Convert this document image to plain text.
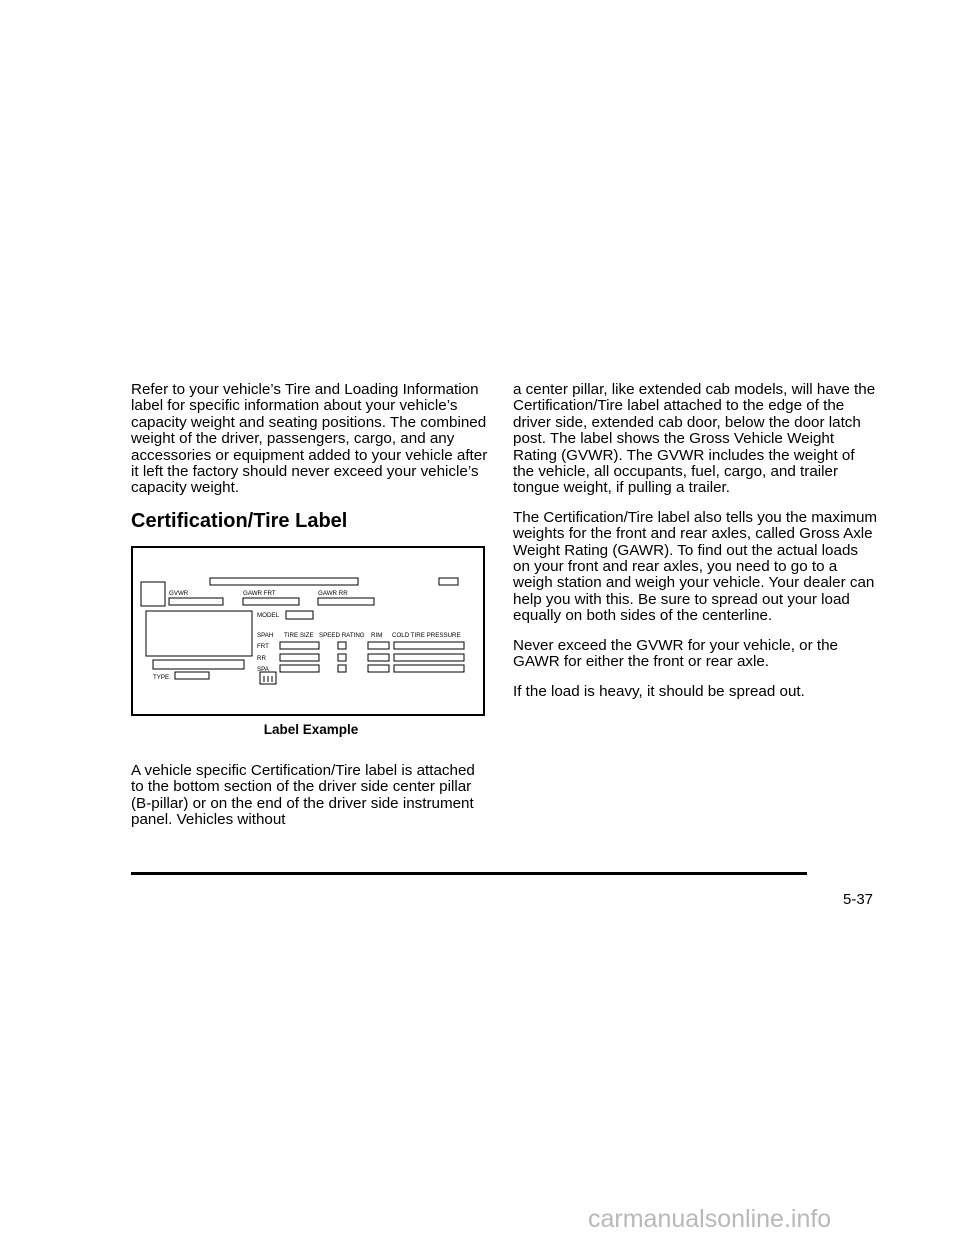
Refer to your vehicle’s Tire and Loading Information label for specific information about your vehicle’s capacity weight and seating positions. The combined weight of the driver, passengers, cargo, and any accessories or equipment added to your vehicle after it left the factory should never exceed your vehicle’s capacity weight.

Certification/Tire Label
GVWR	GAWR FRT	GAWR RR
MODEL
SPAH TIRE SIZE SPEED RATING RIM COLD TIRE PRESSURE
FRT
RR
SPA
TYPE:
Label Example

A vehicle specific Certification/Tire label is attached to the bottom section of the driver side center pillar (B-pillar) or on the end of the driver side instrument panel. Vehicles without

a center pillar, like extended cab models, will have the Certification/Tire label attached to the edge of the driver side, extended cab door, below the door latch post. The label shows the Gross Vehicle Weight Rating (GVWR). The GVWR includes the weight of the vehicle, all occupants, fuel, cargo, and trailer tongue weight, if pulling a trailer.

The Certification/Tire label also tells you the maximum weights for the front and rear axles, called Gross Axle Weight Rating (GAWR). To find out the actual loads on your front and rear axles, you need to go to a weigh station and weigh your vehicle. Your dealer can help you with this. Be sure to spread out your load equally on both sides of the centerline.

Never exceed the GVWR for your vehicle, or the GAWR for either the front or rear axle.

If the load is heavy, it should be spread out.

5-37
carmanualsonline.info
